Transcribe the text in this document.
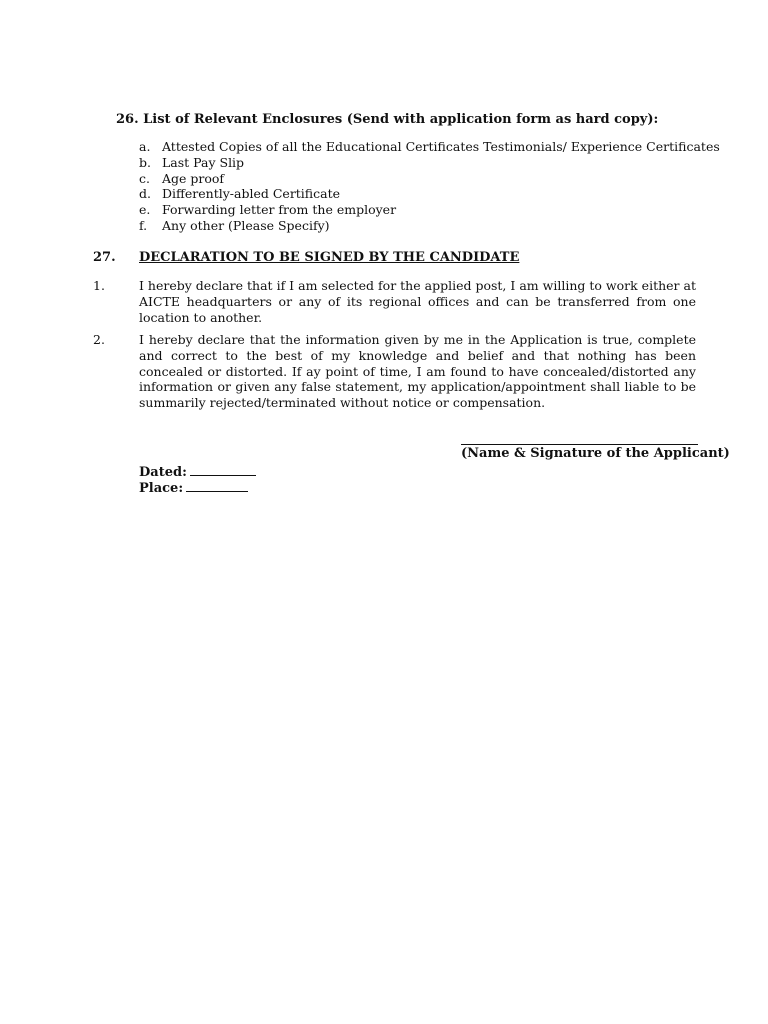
26. List of Relevant Enclosures (Send with application form as hard copy):
a. Attested Copies of all the Educational Certificates Testimonials/ Experience Certificates
b. Last Pay Slip
c. Age proof
d. Differently-abled Certificate
e. Forwarding letter from the employer
f.	Any other (Please Specify)
27. DECLARATION TO BE SIGNED BY THE CANDIDATE
1.	I hereby declare that if I am selected for the applied post, I am willing to work either at AICTE headquarters or any of its regional offices and can be transferred from one location to another.
2.	I hereby declare that the information given by me in the Application is true, complete and correct to the best of my knowledge and belief and that nothing has been concealed or distorted. If ay point of time, I am found to have concealed/distorted any information or given any false statement, my application/appointment shall liable to be summarily rejected/terminated without notice or compensation.
(Name & Signature of the Applicant)
Dated:
Place:
